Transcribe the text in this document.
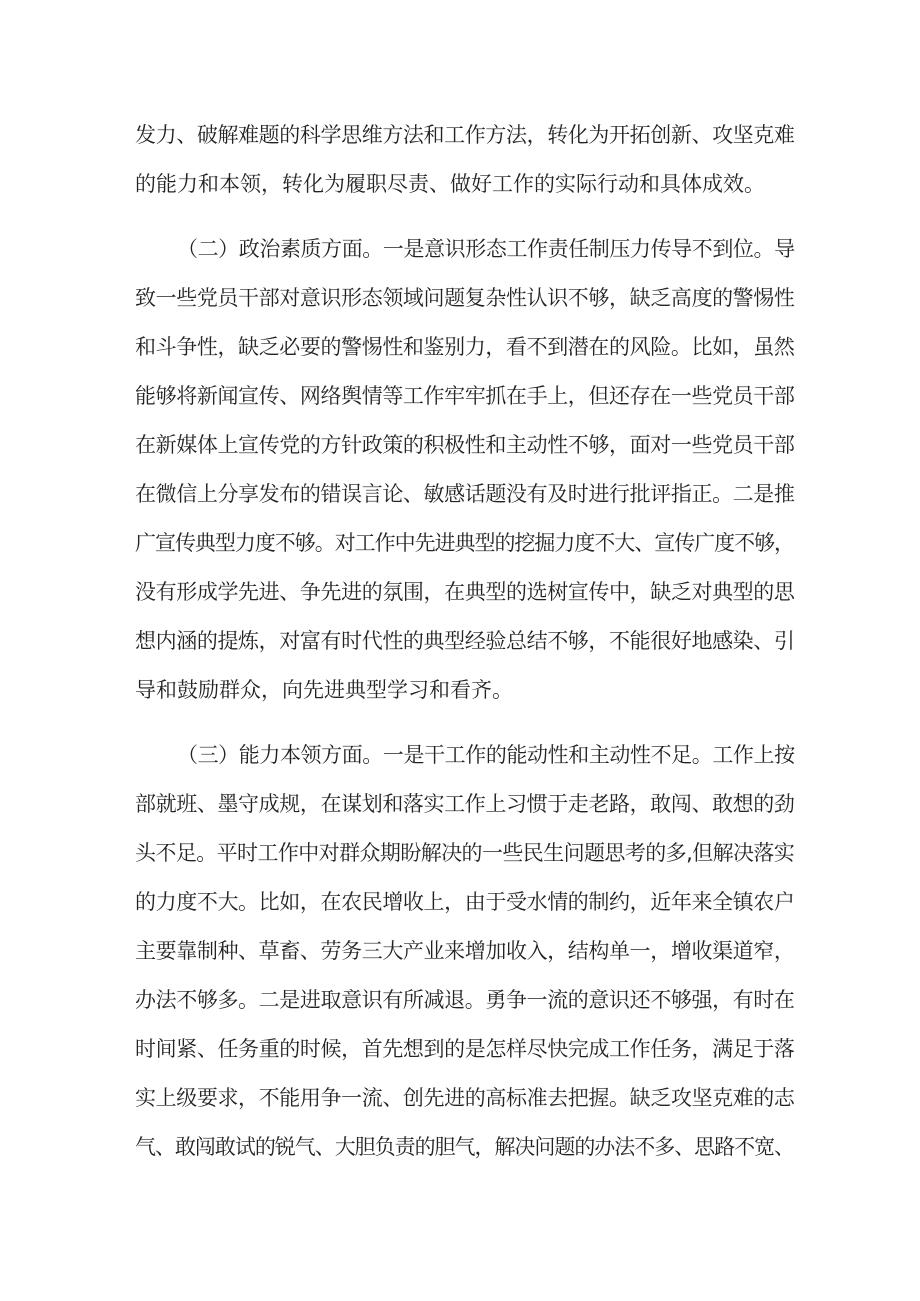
发力、破解难题的科学思维方法和工作方法，转化为开拓创新、攻坚克难
的能力和本领，转化为履职尽责、做好工作的实际行动和具体成效。
（二）政治素质方面。一是意识形态工作责任制压力传导不到位。导
致一些党员干部对意识形态领域问题复杂性认识不够，缺乏高度的警惕性
和斗争性，缺乏必要的警惕性和鉴别力，看不到潜在的风险。比如，虽然
能够将新闻宣传、网络舆情等工作牢牢抓在手上，但还存在一些党员干部
在新媒体上宣传党的方针政策的积极性和主动性不够，面对一些党员干部
在微信上分享发布的错误言论、敏感话题没有及时进行批评指正。二是推
广宣传典型力度不够。对工作中先进典型的挖掘力度不大、宣传广度不够，
没有形成学先进、争先进的氛围，在典型的选树宣传中，缺乏对典型的思
想内涵的提炼，对富有时代性的典型经验总结不够，不能很好地感染、引
导和鼓励群众，向先进典型学习和看齐。
（三）能力本领方面。一是干工作的能动性和主动性不足。工作上按
部就班、墨守成规，在谋划和落实工作上习惯于走老路，敢闯、敢想的劲
头不足。平时工作中对群众期盼解决的一些民生问题思考的多,但解决落实
的力度不大。比如，在农民增收上，由于受水情的制约，近年来全镇农户
主要靠制种、草畜、劳务三大产业来增加收入，结构单一，增收渠道窄，
办法不够多。二是进取意识有所减退。勇争一流的意识还不够强，有时在
时间紧、任务重的时候，首先想到的是怎样尽快完成工作任务，满足于落
实上级要求，不能用争一流、创先进的高标准去把握。缺乏攻坚克难的志
气、敢闯敢试的锐气、大胆负责的胆气，解决问题的办法不多、思路不宽、
